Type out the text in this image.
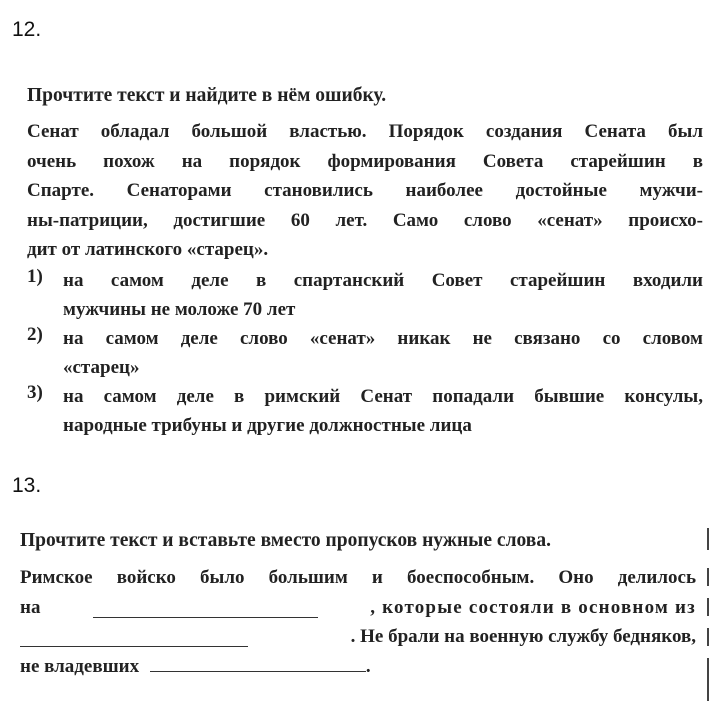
12.
Прочтите текст и найдите в нём ошибку.
Сенат обладал большой властью. Порядок создания Сената был
очень похож на порядок формирования Совета старейшин в
Спарте. Сенаторами становились наиболее достойные мужчи-
ны-патриции, достигшие 60 лет. Само слово «сенат» происхо-
дит от латинского «старец».
1)	на самом деле в спартанский Совет старейшин входили
мужчины не моложе 70 лет
2)	на самом деле слово «сенат» никак не связано со словом
«старец»
3)	на самом деле в римский Сенат попадали бывшие консулы,
народные трибуны и другие должностные лица
13.
Прочтите текст и вставьте вместо пропусков нужные слова.
Римское войско было большим и боеспособным. Оно делилось
на	, которые состояли в основном из
. Не брали на военную службу бедняков,
не владевших	.
